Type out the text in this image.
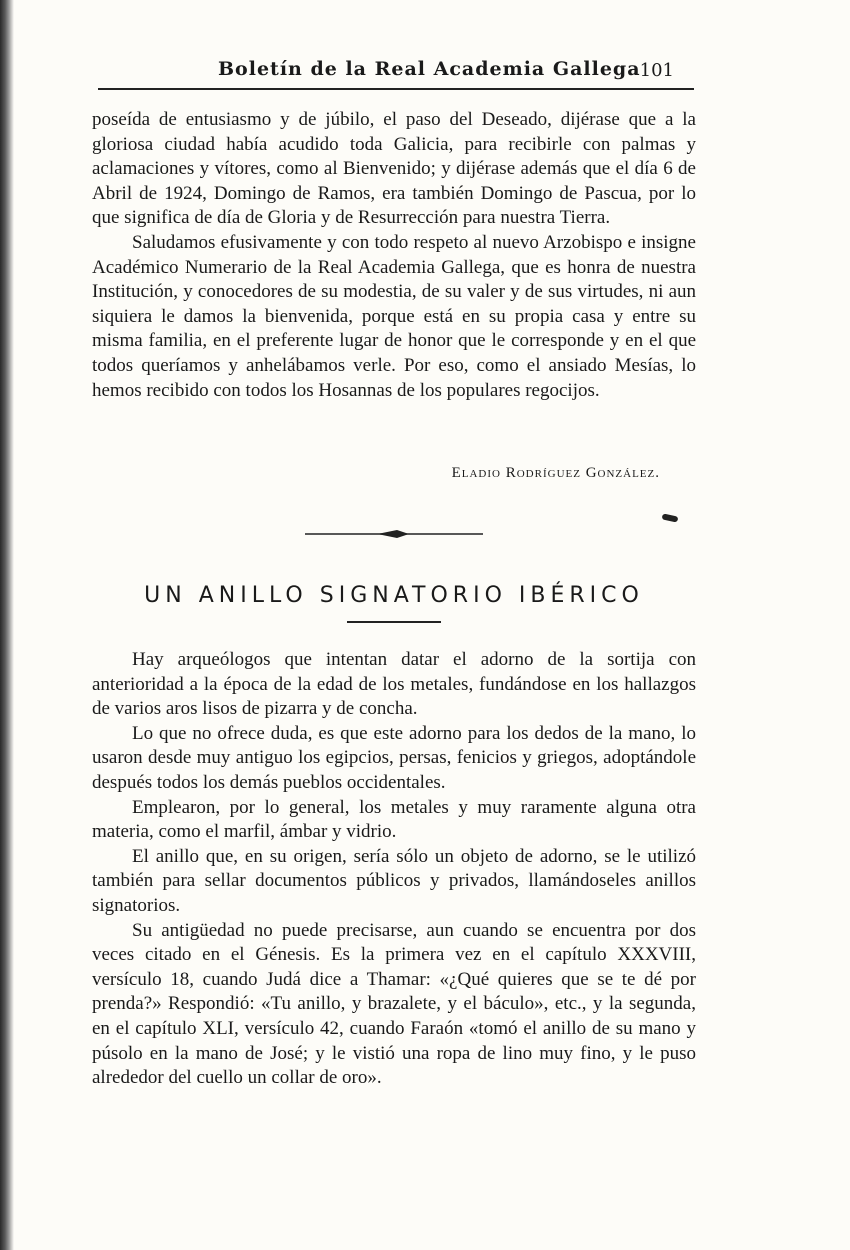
Boletín de la Real Academia Gallega 101

poseída de entusiasmo y de júbilo, el paso del Deseado, dijérase que a la gloriosa ciudad había acudido toda Galicia, para recibirle con palmas y aclamaciones y vítores, como al Bienvenido; y dijérase además que el día 6 de Abril de 1924, Domingo de Ramos, era también Domingo de Pascua, por lo que significa de día de Gloria y de Resurrección para nuestra Tierra.

Saludamos efusivamente y con todo respeto al nuevo Arzobispo e insigne Académico Numerario de la Real Academia Gallega, que es honra de nuestra Institución, y conocedores de su modestia, de su valer y de sus virtudes, ni aun siquiera le damos la bienvenida, porque está en su propia casa y entre su misma familia, en el preferente lugar de honor que le corresponde y en el que todos queríamos y anhelábamos verle. Por eso, como el ansiado Mesías, lo hemos recibido con todos los Hosannas de los populares regocijos.

Eladio Rodríguez González.
UN ANILLO SIGNATORIO IBÉRICO

Hay arqueólogos que intentan datar el adorno de la sortija con anterioridad a la época de la edad de los metales, fundándose en los hallazgos de varios aros lisos de pizarra y de concha.

Lo que no ofrece duda, es que este adorno para los dedos de la mano, lo usaron desde muy antiguo los egipcios, persas, fenicios y griegos, adoptándole después todos los demás pueblos occidentales.

Emplearon, por lo general, los metales y muy raramente alguna otra materia, como el marfil, ámbar y vidrio.

El anillo que, en su origen, sería sólo un objeto de adorno, se le utilizó también para sellar documentos públicos y privados, llamándoseles anillos signatorios.

Su antigüedad no puede precisarse, aun cuando se encuentra por dos veces citado en el Génesis. Es la primera vez en el capítulo XXXVIII, versículo 18, cuando Judá dice a Thamar: «¿Qué quieres que se te dé por prenda?» Respondió: «Tu anillo, y brazalete, y el báculo», etc., y la segunda, en el capítulo XLI, versículo 42, cuando Faraón «tomó el anillo de su mano y púsolo en la mano de José; y le vistió una ropa de lino muy fino, y le puso alrededor del cuello un collar de oro».
